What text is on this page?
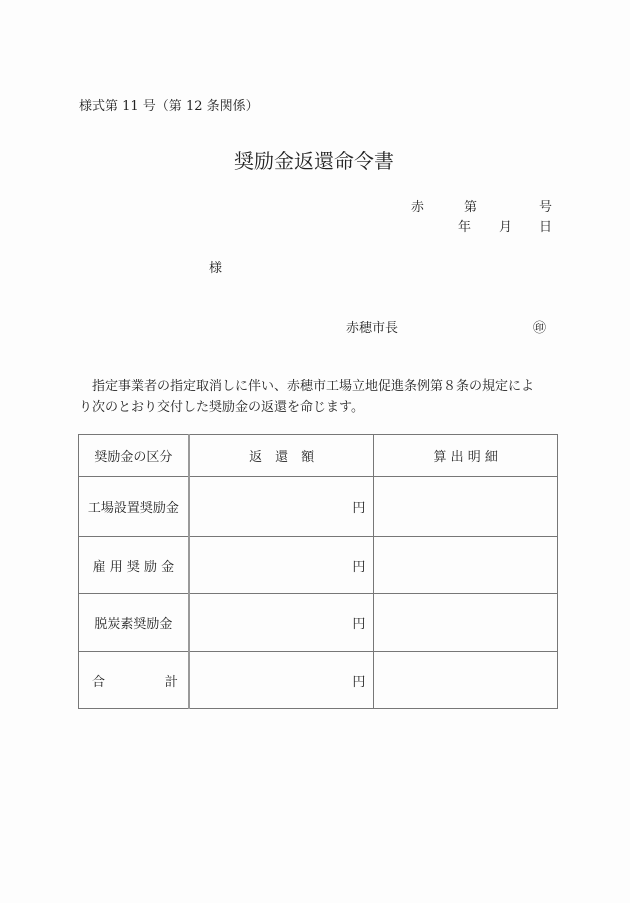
様式第 11 号（第 12 条関係）
奨励金返還命令書
赤	第	号
年 月 日
様
赤穂市長	㊞

　指定事業者の指定取消しに伴い、赤穂市工場立地促進条例第８条の規定によ

り次のとおり交付した奨励金の返還を命じます。

奨励金の区分	返　還　額	算 出 明 細
工場設置奨励金	円	
雇 用 奨 励 金	円	
脱炭素奨励金	円	

合 計	円	
